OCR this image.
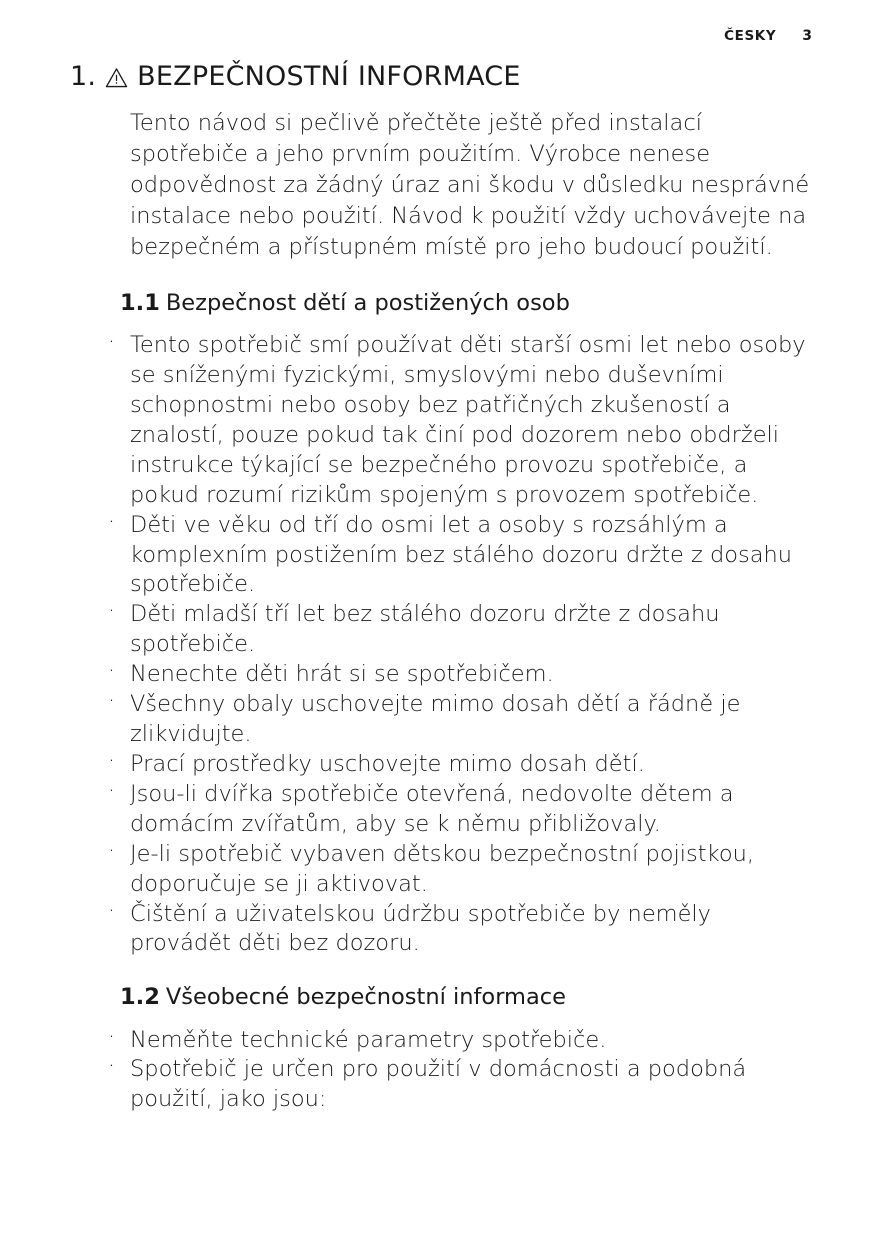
ČESKY 3
1. BEZPEČNOSTNÍ INFORMACE

Tento návod si pečlivě přečtěte ještě před instalací spotřebiče a jeho prvním použitím. Výrobce nenese odpovědnost za žádný úraz ani škodu v důsledku nesprávné instalace nebo použití. Návod k použití vždy uchovávejte na bezpečném a přístupném místě pro jeho budoucí použití.

1.1 Bezpečnost dětí a postižených osob
· Tento spotřebič smí používat děti starší osmi let nebo osoby se sníženými fyzickými, smyslovými nebo duševními schopnostmi nebo osoby bez patřičných zkušeností a znalostí, pouze pokud tak činí pod dozorem nebo obdrželi instrukce týkající se bezpečného provozu spotřebiče, a pokud rozumí rizikům spojeným s provozem spotřebiče.
· Děti ve věku od tří do osmi let a osoby s rozsáhlým a komplexním postižením bez stálého dozoru držte z dosahu spotřebiče.
· Děti mladší tří let bez stálého dozoru držte z dosahu spotřebiče.
· Nenechte děti hrát si se spotřebičem.
· Všechny obaly uschovejte mimo dosah dětí a řádně je zlikvidujte.
· Prací prostředky uschovejte mimo dosah dětí.
· Jsou-li dvířka spotřebiče otevřená, nedovolte dětem a domácím zvířatům, aby se k němu přibližovaly.
· Je-li spotřebič vybaven dětskou bezpečnostní pojistkou, doporučuje se ji aktivovat.
· Čištění a uživatelskou údržbu spotřebiče by neměly provádět děti bez dozoru.
1.2 Všeobecné bezpečnostní informace
· Neměňte technické parametry spotřebiče.
· Spotřebič je určen pro použití v domácnosti a podobná použití, jako jsou:
